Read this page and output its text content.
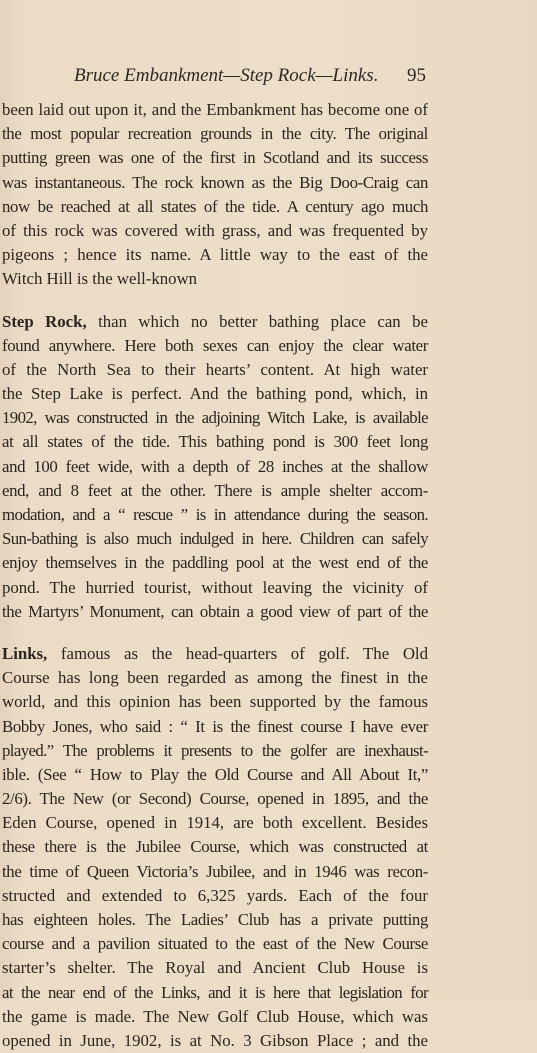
Bruce Embankment—Step Rock—Links. 95

been laid out upon it, and the Embankment has become one of
the most popular recreation grounds in the city. The original
putting green was one of the first in Scotland and its success
was instantaneous. The rock known as the Big Doo-Craig can
now be reached at all states of the tide. A century ago much
of this rock was covered with grass, and was frequented by
pigeons ; hence its name. A little way to the east of the
Witch Hill is the well-known

Step Rock, than which no better bathing place can be
found anywhere. Here both sexes can enjoy the clear water
of the North Sea to their hearts’ content. At high water
the Step Lake is perfect. And the bathing pond, which, in
1902, was constructed in the adjoining Witch Lake, is available
at all states of the tide. This bathing pond is 300 feet long
and 100 feet wide, with a depth of 28 inches at the shallow
end, and 8 feet at the other. There is ample shelter accom-
modation, and a “ rescue ” is in attendance during the season.
Sun-bathing is also much indulged in here. Children can safely
enjoy themselves in the paddling pool at the west end of the
pond. The hurried tourist, without leaving the vicinity of
the Martyrs’ Monument, can obtain a good view of part of the

Links, famous as the head-quarters of golf. The Old
Course has long been regarded as among the finest in the
world, and this opinion has been supported by the famous
Bobby Jones, who said : “ It is the finest course I have ever
played.” The problems it presents to the golfer are inexhaust-
ible. (See “ How to Play the Old Course and All About It,”
2/6). The New (or Second) Course, opened in 1895, and the
Eden Course, opened in 1914, are both excellent. Besides
these there is the Jubilee Course, which was constructed at
the time of Queen Victoria’s Jubilee, and in 1946 was recon-
structed and extended to 6,325 yards. Each of the four
has eighteen holes. The Ladies’ Club has a private putting
course and a pavilion situated to the east of the New Course
starter’s shelter. The Royal and Ancient Club House is
at the near end of the Links, and it is here that legislation for
the game is made. The New Golf Club House, which was
opened in June, 1902, is at No. 3 Gibson Place ; and the
